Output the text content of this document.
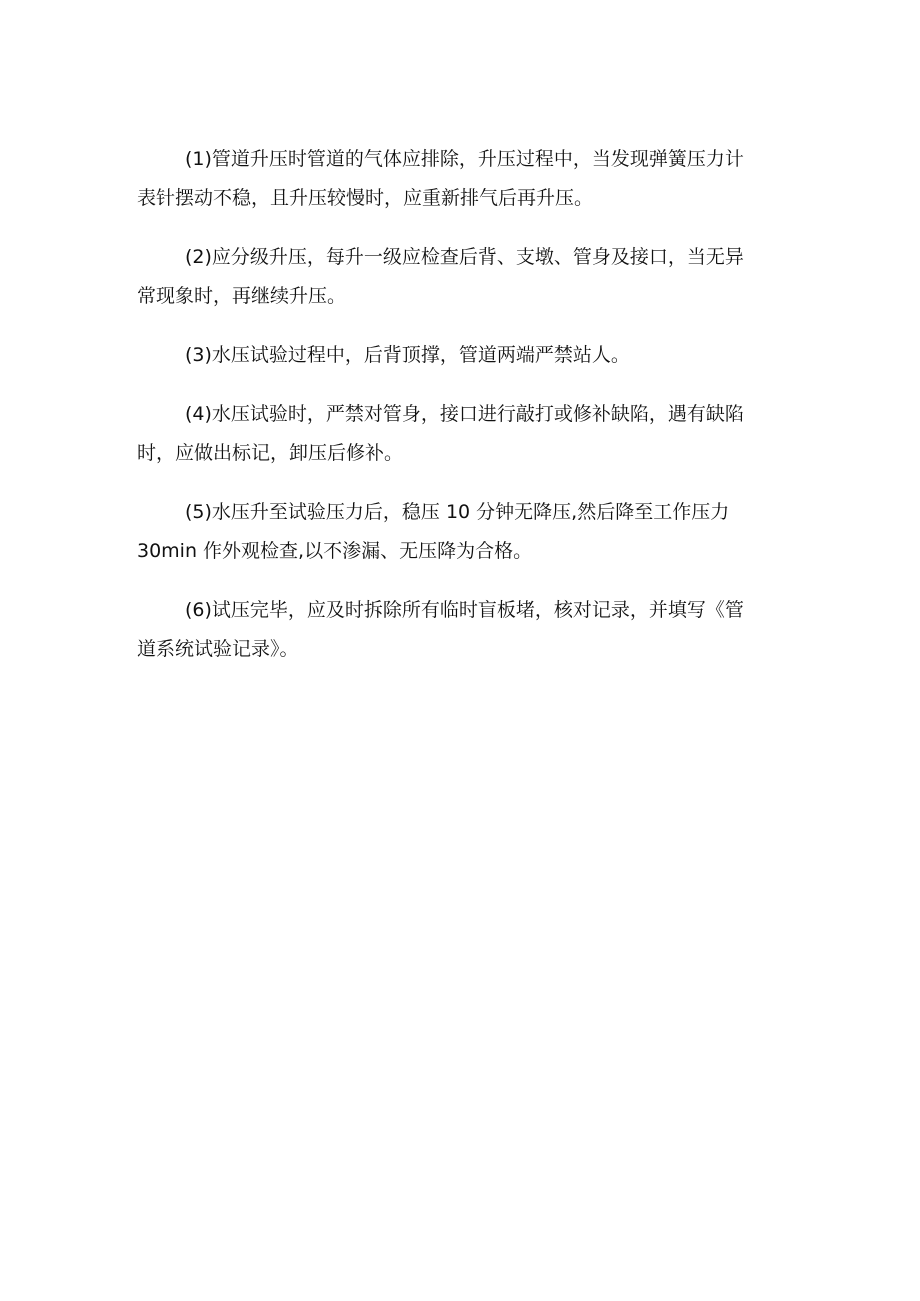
(1)管道升压时管道的气体应排除，升压过程中，当发现弹簧压力计
表针摆动不稳，且升压较慢时，应重新排气后再升压。

(2)应分级升压，每升一级应检查后背、支墩、管身及接口，当无异
常现象时，再继续升压。

(3)水压试验过程中，后背顶撑，管道两端严禁站人。

(4)水压试验时，严禁对管身，接口进行敲打或修补缺陷，遇有缺陷
时，应做出标记，卸压后修补。

(5)水压升至试验压力后，稳压 10 分钟无降压,然后降至工作压力
30min 作外观检查,以不渗漏、无压降为合格。

(6)试压完毕，应及时拆除所有临时盲板堵，核对记录，并填写《管
道系统试验记录》。
